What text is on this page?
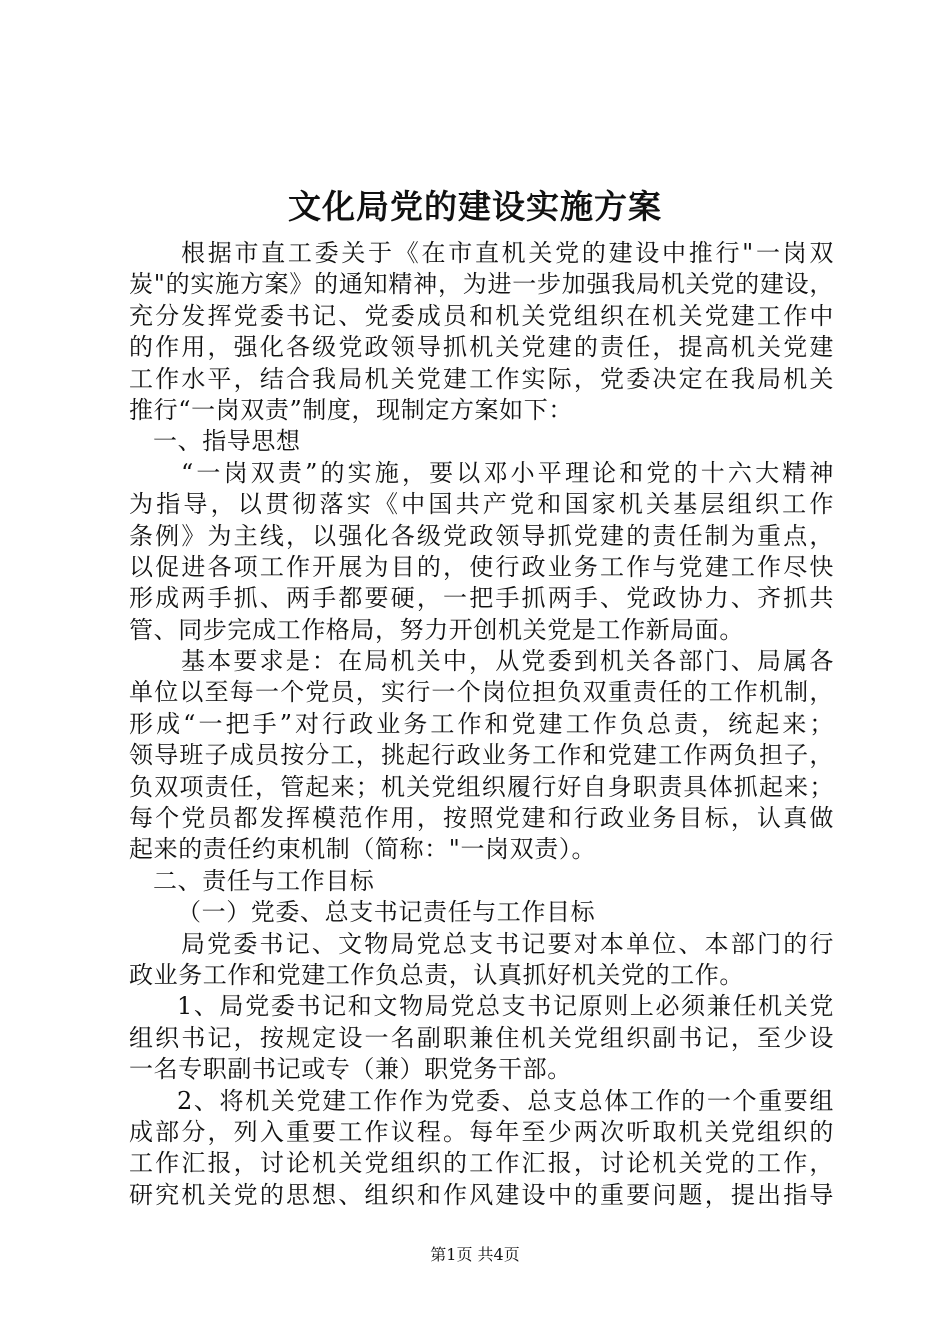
文化局党的建设实施方案
根据市直工委关于《在市直机关党的建设中推行"一岗双
炭"的实施方案》的通知精神，为进一步加强我局机关党的建设，
充分发挥党委书记、党委成员和机关党组织在机关党建工作中
的作用，强化各级党政领导抓机关党建的责任，提高机关党建
工作水平，结合我局机关党建工作实际，党委决定在我局机关
推行“一岗双责”制度，现制定方案如下：
一、指导思想
“一岗双责”的实施，要以邓小平理论和党的十六大精神
为指导，以贯彻落实《中国共产党和国家机关基层组织工作
条例》为主线，以强化各级党政领导抓党建的责任制为重点，
以促进各项工作开展为目的，使行政业务工作与党建工作尽快
形成两手抓、两手都要硬，一把手抓两手、党政协力、齐抓共
管、同步完成工作格局，努力开创机关党是工作新局面。
基本要求是：在局机关中，从党委到机关各部门、局属各
单位以至每一个党员，实行一个岗位担负双重责任的工作机制，
形成“一把手”对行政业务工作和党建工作负总责，统起来；
领导班子成员按分工，挑起行政业务工作和党建工作两负担子，
负双项责任，管起来；机关党组织履行好自身职责具体抓起来；
每个党员都发挥模范作用，按照党建和行政业务目标，认真做
起来的责任约束机制（简称："一岗双责）。
二、责任与工作目标
（一）党委、总支书记责任与工作目标
局党委书记、文物局党总支书记要对本单位、本部门的行
政业务工作和党建工作负总责，认真抓好机关党的工作。
1、局党委书记和文物局党总支书记原则上必须兼任机关党
组织书记，按规定设一名副职兼住机关党组织副书记，至少设
一名专职副书记或专（兼）职党务干部。
2、将机关党建工作作为党委、总支总体工作的一个重要组
成部分，列入重要工作议程。每年至少两次听取机关党组织的
工作汇报，讨论机关党组织的工作汇报，讨论机关党的工作，
研究机关党的思想、组织和作风建设中的重要问题，提出指导
第1页 共4页
